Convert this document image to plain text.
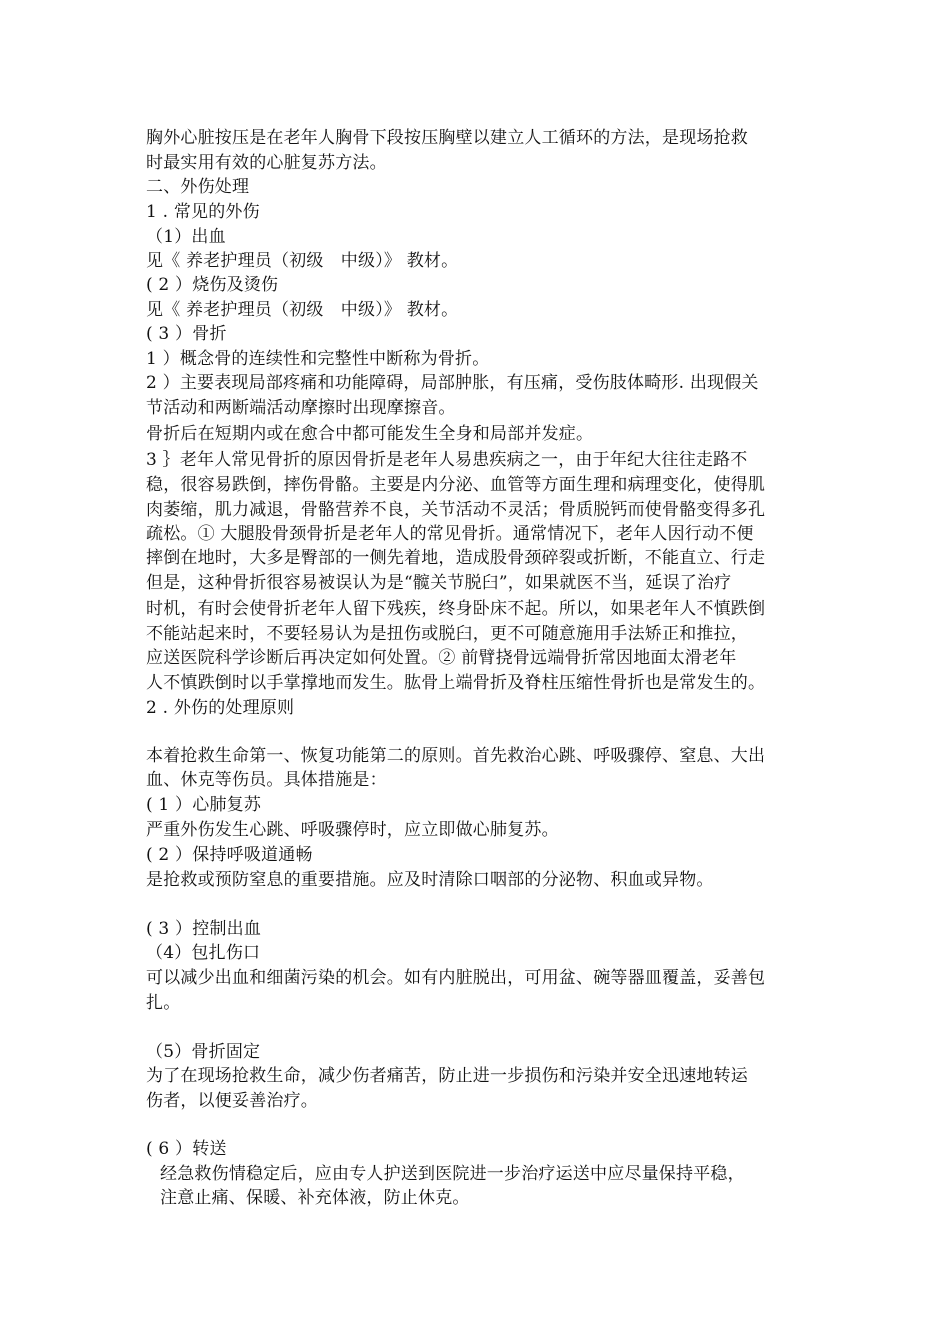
胸外心脏按压是在老年人胸骨下段按压胸壁以建立人工循环的方法，是现场抢救
时最实用有效的心脏复苏方法。
二、外伤处理
1 . 常见的外伤
（1）出血
见《 养老护理员（初级　中级）》 教材。
( 2 ）烧伤及烫伤
见《 养老护理员（初级　中级）》 教材。
( 3 ）骨折
1 ）概念骨的连续性和完整性中断称为骨折。
2 ）主要表现局部疼痛和功能障碍，局部肿胀，有压痛，受伤肢体畸形. 出现假关
节活动和两断端活动摩擦时出现摩擦音。
骨折后在短期内或在愈合中都可能发生全身和局部并发症。
3 ｝老年人常见骨折的原因骨折是老年人易患疾病之一，由于年纪大往往走路不
稳，很容易跌倒，摔伤骨骼。主要是内分泌、血管等方面生理和病理变化，使得肌
肉萎缩，肌力减退，骨骼营养不良，关节活动不灵活；骨质脱钙而使骨骼变得多孔
疏松。① 大腿股骨颈骨折是老年人的常见骨折。通常情况下，老年人因行动不便
摔倒在地时，大多是臀部的一侧先着地，造成股骨颈碎裂或折断，不能直立、行走
但是，这种骨折很容易被误认为是“髋关节脱臼”，如果就医不当，延误了治疗
时机，有时会使骨折老年人留下残疾，终身卧床不起。所以，如果老年人不慎跌倒
不能站起来时，不要轻易认为是扭伤或脱臼，更不可随意施用手法矫正和推拉，
应送医院科学诊断后再决定如何处置。② 前臂挠骨远端骨折常因地面太滑老年
人不慎跌倒时以手掌撑地而发生。肱骨上端骨折及脊柱压缩性骨折也是常发生的。
2 . 外伤的处理原则
本着抢救生命第一、恢复功能第二的原则。首先救治心跳、呼吸骤停、窒息、大出
血、休克等伤员。具体措施是：
( 1 ）心肺复苏
严重外伤发生心跳、呼吸骤停时，应立即做心肺复苏。
( 2 ）保持呼吸道通畅
是抢救或预防窒息的重要措施。应及时清除口咽部的分泌物、积血或异物。
( 3 ）控制出血
（4）包扎伤口
可以减少出血和细菌污染的机会。如有内脏脱出，可用盆、碗等器皿覆盖，妥善包
扎。
（5）骨折固定
为了在现场抢救生命，减少伤者痛苦，防止进一步损伤和污染并安全迅速地转运
伤者，以便妥善治疗。
( 6 ）转送
经急救伤情稳定后，应由专人护送到医院进一步治疗运送中应尽量保持平稳，
注意止痛、保暖、补充体液，防止休克。
